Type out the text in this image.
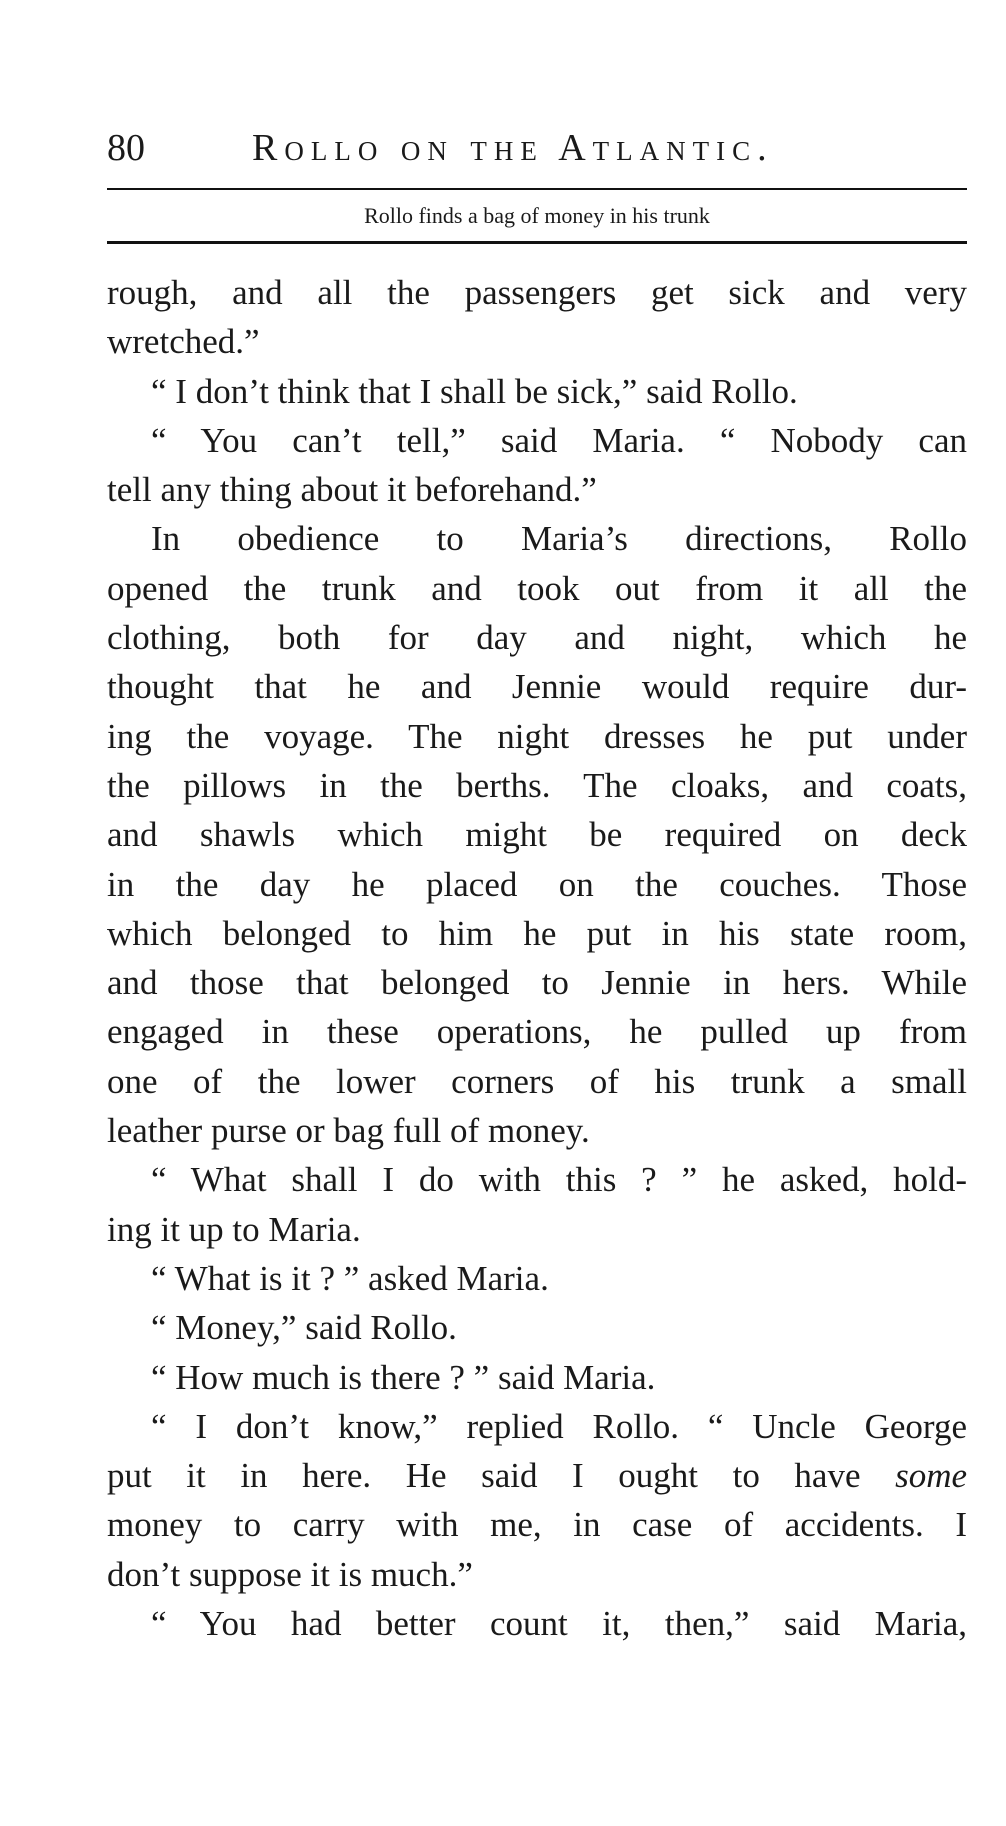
80	Rollo on the Atlantic.
Rollo finds a bag of money in his trunk
rough, and all the passengers get sick and very
wretched.”
“ I don’t think that I shall be sick,” said Rollo.
“ You can’t tell,” said Maria. “ Nobody can
tell any thing about it beforehand.”
In obedience to Maria’s directions, Rollo
opened the trunk and took out from it all the
clothing, both for day and night, which he
thought that he and Jennie would require dur-
ing the voyage. The night dresses he put under
the pillows in the berths. The cloaks, and coats,
and shawls which might be required on deck
in the day he placed on the couches. Those
which belonged to him he put in his state room,
and those that belonged to Jennie in hers. While
engaged in these operations, he pulled up from
one of the lower corners of his trunk a small
leather purse or bag full of money.
“ What shall I do with this ? ” he asked, hold-
ing it up to Maria.
“ What is it ? ” asked Maria.
“ Money,” said Rollo.
“ How much is there ? ” said Maria.
“ I don’t know,” replied Rollo. “ Uncle George
put it in here. He said I ought to have some
money to carry with me, in case of accidents. I
don’t suppose it is much.”
“ You had better count it, then,” said Maria,
